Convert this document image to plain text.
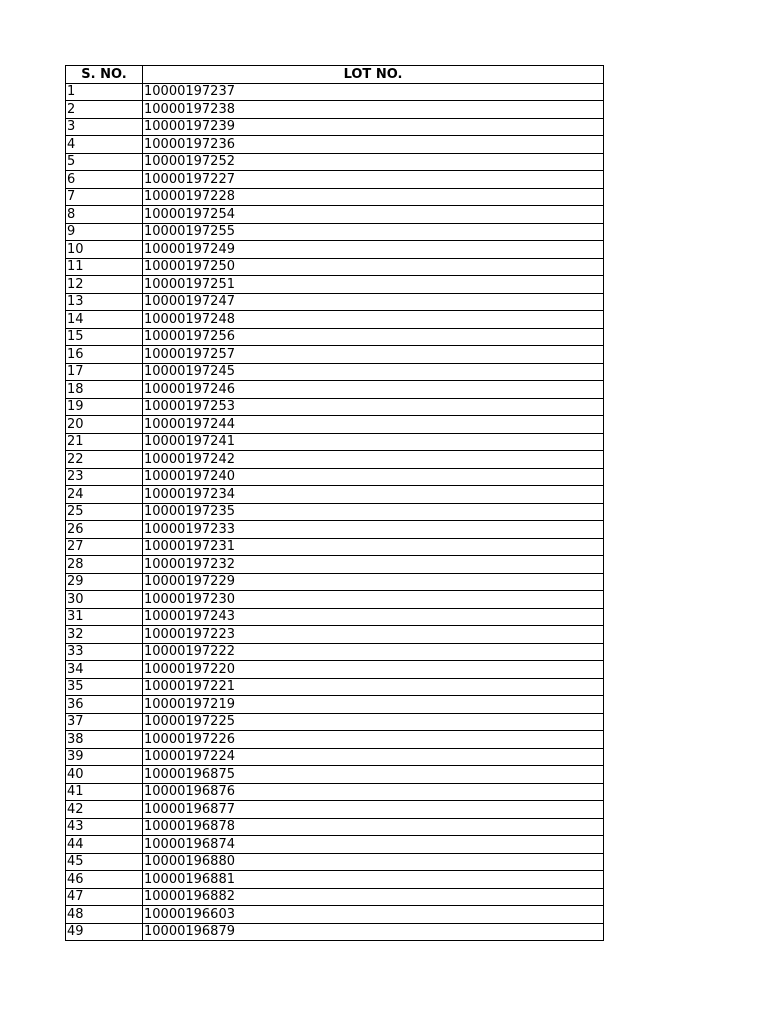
S. NO.	LOT NO.
1	10000197237
2	10000197238
3	10000197239
4	10000197236
5	10000197252
6	10000197227
7	10000197228
8	10000197254
9	10000197255
10	10000197249
11	10000197250
12	10000197251
13	10000197247
14	10000197248
15	10000197256
16	10000197257
17	10000197245
18	10000197246
19	10000197253
20	10000197244
21	10000197241
22	10000197242
23	10000197240
24	10000197234
25	10000197235
26	10000197233
27	10000197231
28	10000197232
29	10000197229
30	10000197230
31	10000197243
32	10000197223
33	10000197222
34	10000197220
35	10000197221
36	10000197219
37	10000197225
38	10000197226
39	10000197224
40	10000196875
41	10000196876
42	10000196877
43	10000196878
44	10000196874
45	10000196880
46	10000196881
47	10000196882
48	10000196603
49	10000196879
